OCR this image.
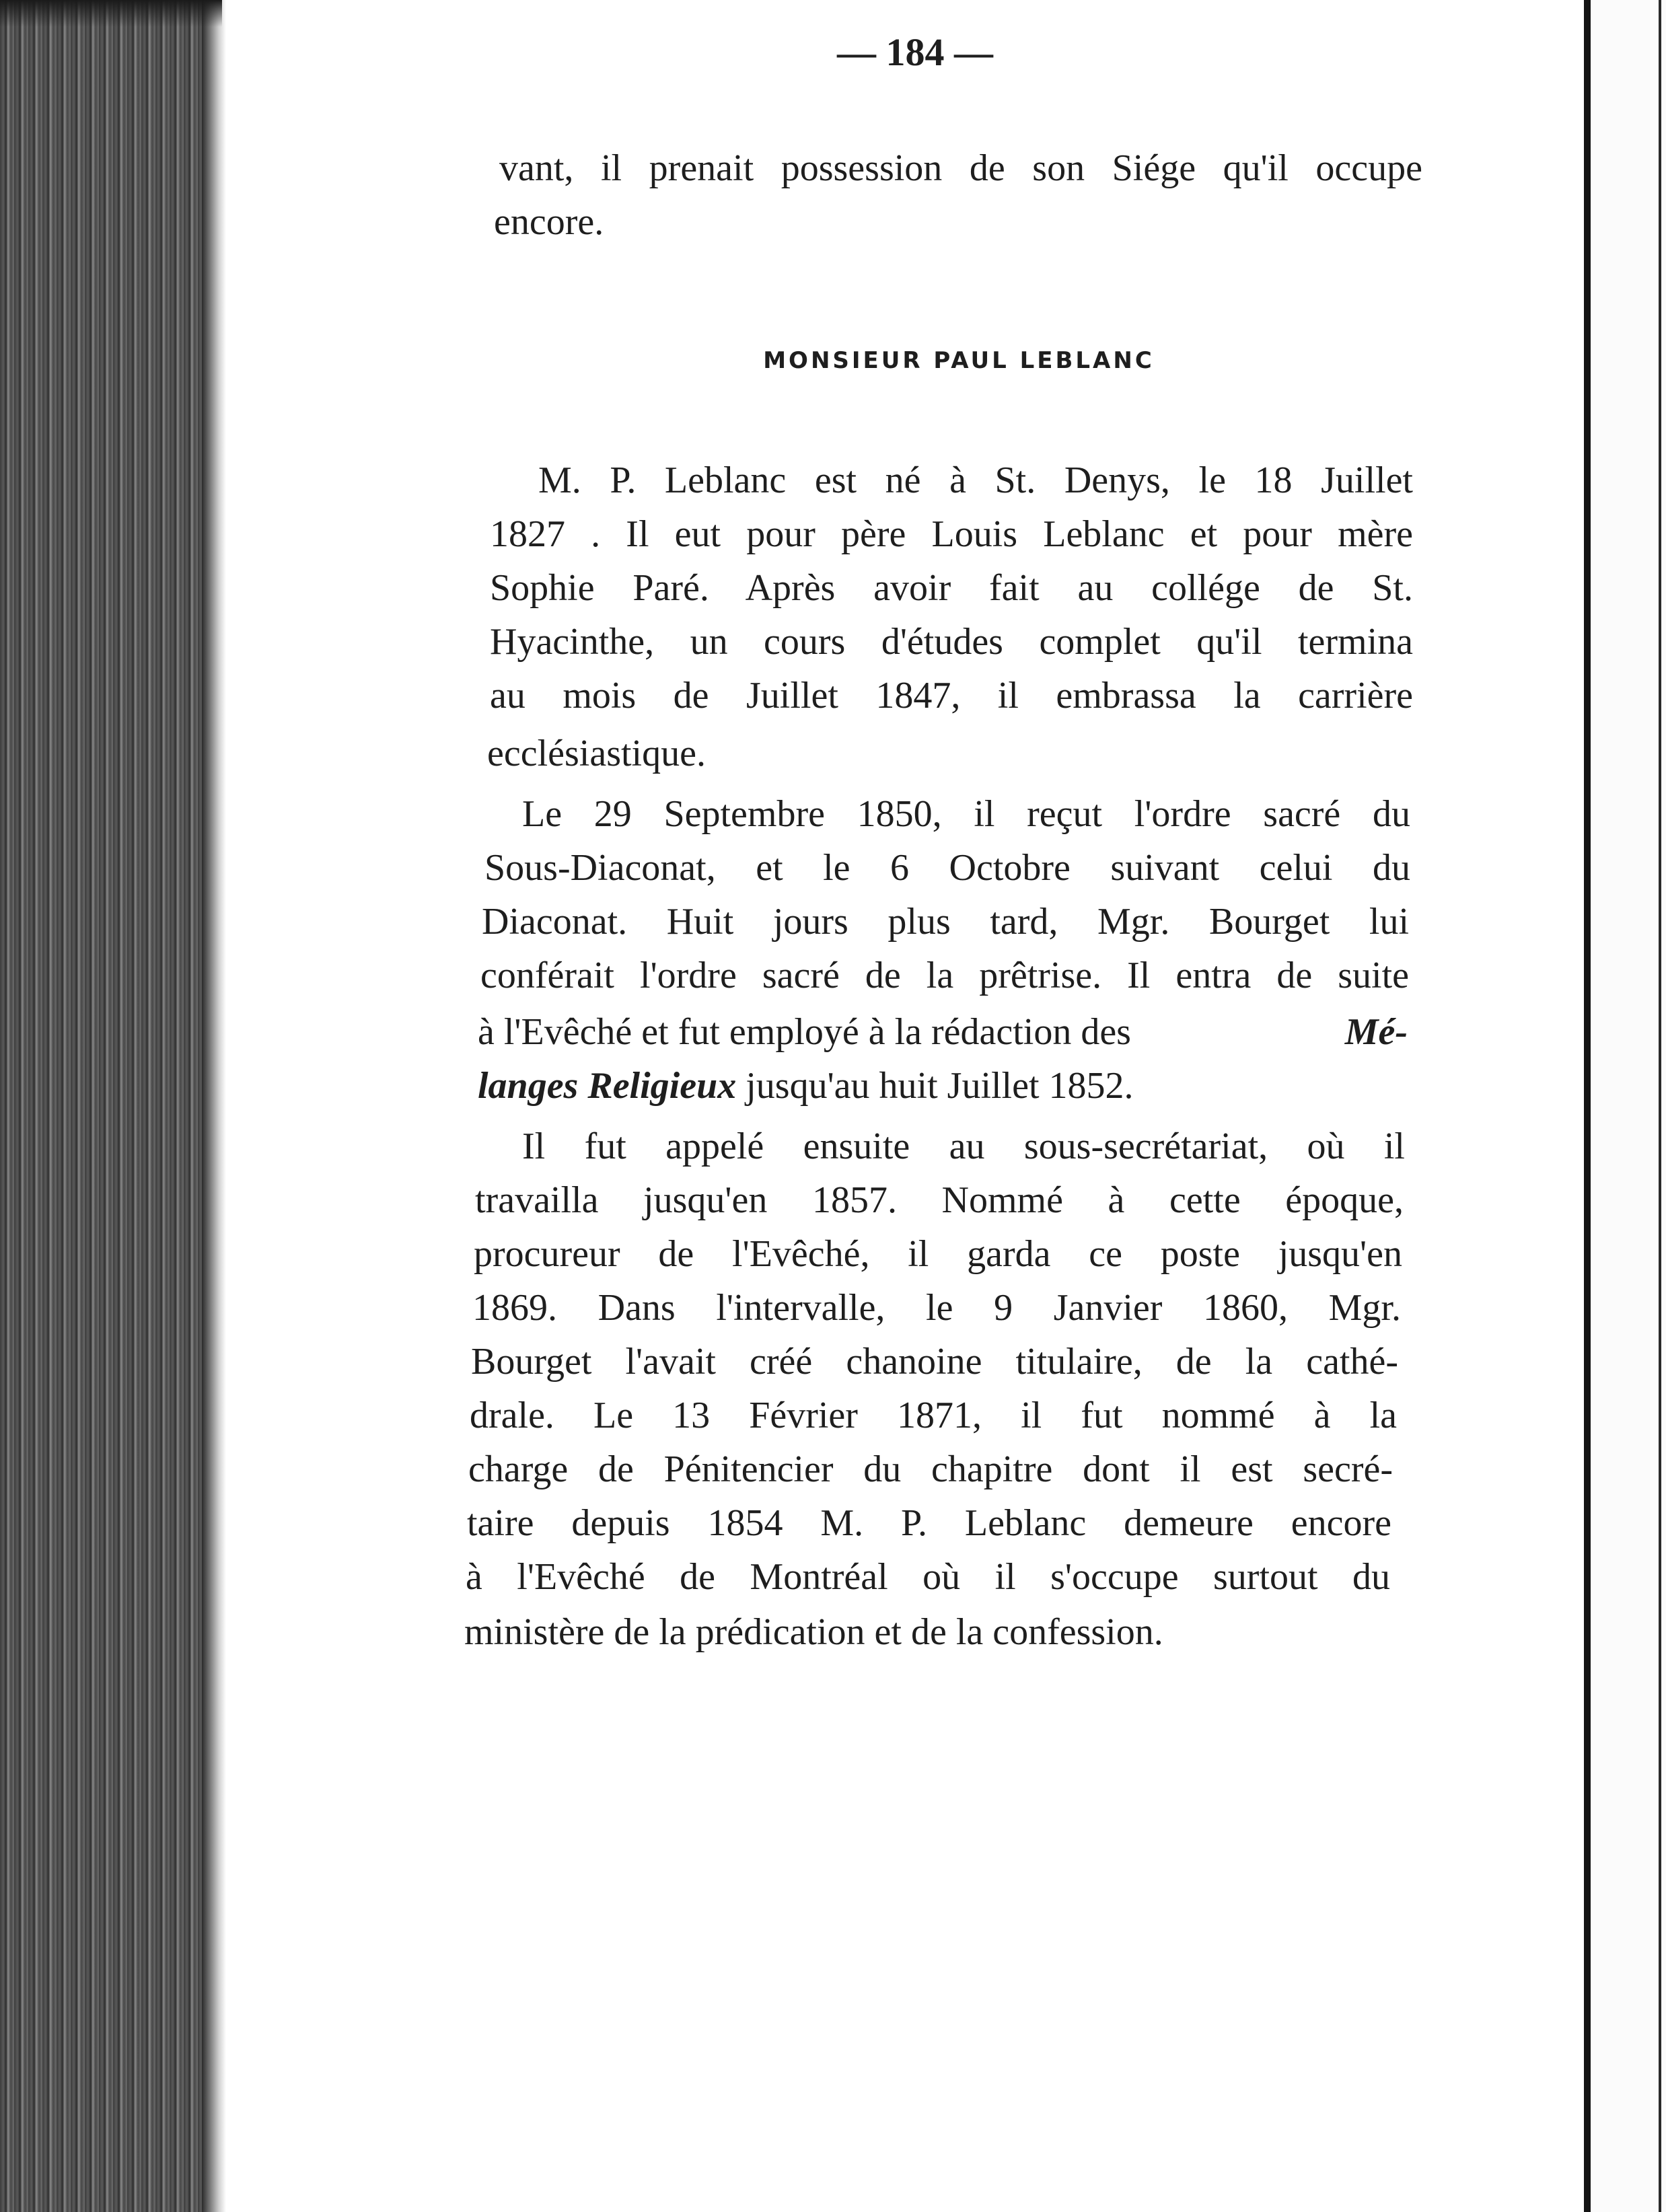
— 184 —
vant, il prenait possession de son Siége qu'il occupe
encore.
MONSIEUR PAUL LEBLANC
M. P. Leblanc est né à St. Denys, le 18 Juillet
1827 . Il eut pour père Louis Leblanc et pour mère
Sophie Paré. Après avoir fait au collége de St.
Hyacinthe, un cours d'études complet qu'il termina
au mois de Juillet 1847, il embrassa la carrière
ecclésiastique.
Le 29 Septembre 1850, il reçut l'ordre sacré du
Sous-Diaconat, et le 6 Octobre suivant celui du
Diaconat. Huit jours plus tard, Mgr. Bourget lui
conférait l'ordre sacré de la prêtrise. Il entra de suite
à l'Evêché et fut employé à la rédaction des	Mé-
langes Religieux jusqu'au huit Juillet 1852.
Il fut appelé ensuite au sous-secrétariat, où il
travailla jusqu'en 1857. Nommé à cette époque,
procureur de l'Evêché, il garda ce poste jusqu'en
1869. Dans l'intervalle, le 9 Janvier 1860, Mgr.
Bourget l'avait créé chanoine titulaire, de la cathé-
drale. Le 13 Février 1871, il fut nommé à la
charge de Pénitencier du chapitre dont il est secré-
taire depuis 1854 M. P. Leblanc demeure encore
à l'Evêché de Montréal où il s'occupe surtout du
ministère de la prédication et de la confession.
